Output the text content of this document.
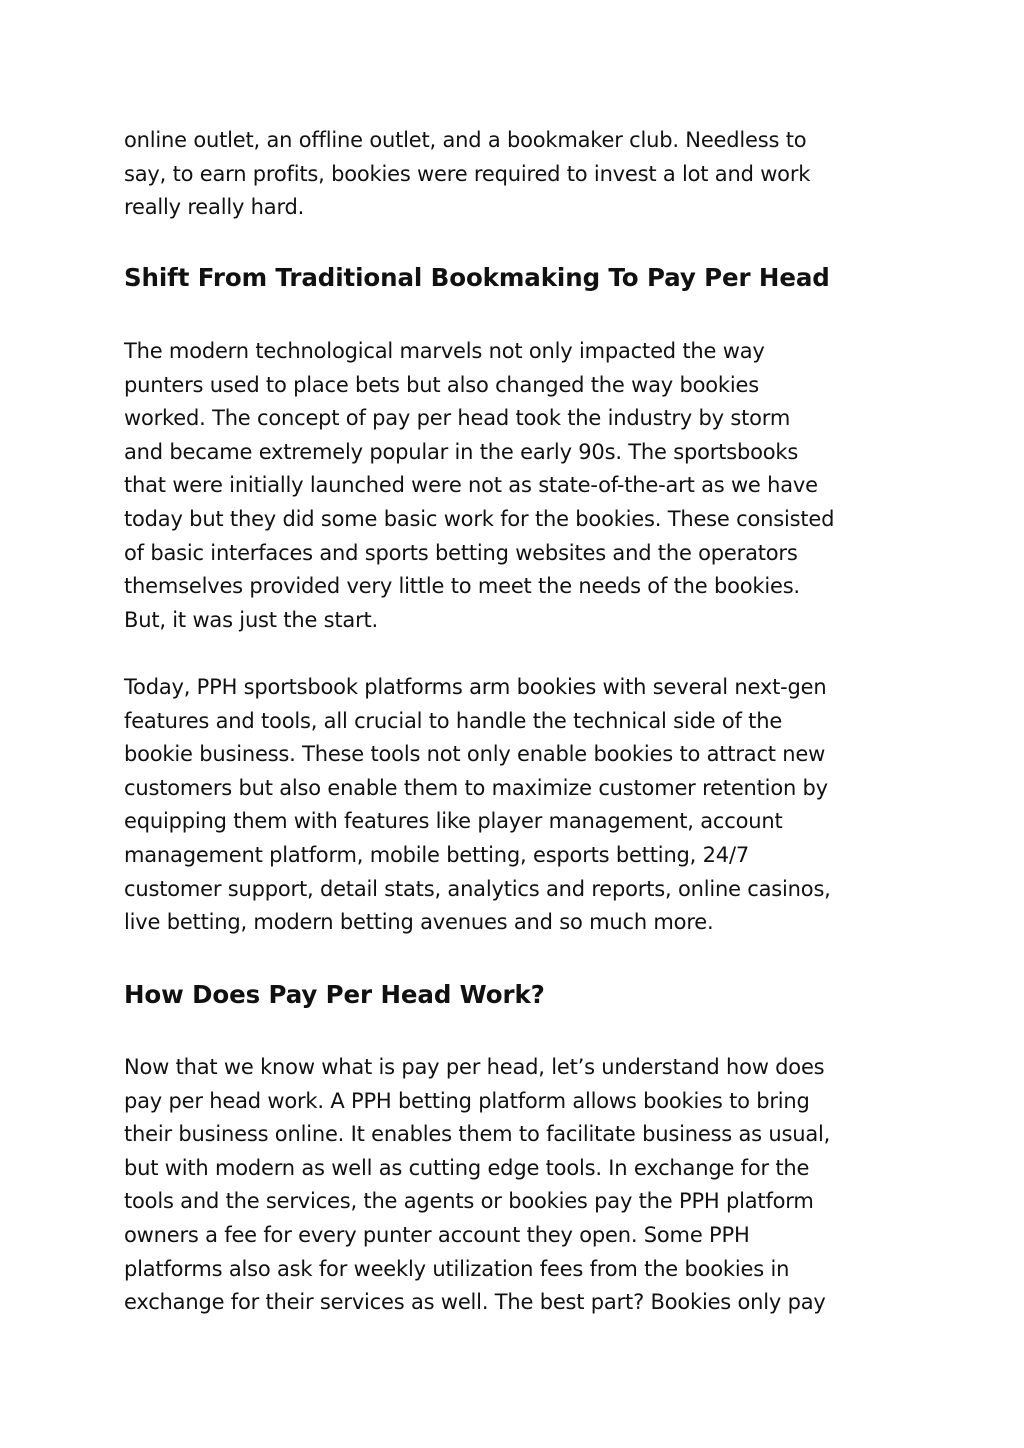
online outlet, an offline outlet, and a bookmaker club. Needless to
say, to earn profits, bookies were required to invest a lot and work
really really hard.

Shift From Traditional Bookmaking To Pay Per Head

The modern technological marvels not only impacted the way
punters used to place bets but also changed the way bookies
worked. The concept of pay per head took the industry by storm
and became extremely popular in the early 90s. The sportsbooks
that were initially launched were not as state-of-the-art as we have
today but they did some basic work for the bookies. These consisted
of basic interfaces and sports betting websites and the operators
themselves provided very little to meet the needs of the bookies.
But, it was just the start.

Today, PPH sportsbook platforms arm bookies with several next-gen
features and tools, all crucial to handle the technical side of the
bookie business. These tools not only enable bookies to attract new
customers but also enable them to maximize customer retention by
equipping them with features like player management, account
management platform, mobile betting, esports betting, 24/7
customer support, detail stats, analytics and reports, online casinos,
live betting, modern betting avenues and so much more.

How Does Pay Per Head Work?

Now that we know what is pay per head, let’s understand how does
pay per head work. A PPH betting platform allows bookies to bring
their business online. It enables them to facilitate business as usual,
but with modern as well as cutting edge tools. In exchange for the
tools and the services, the agents or bookies pay the PPH platform
owners a fee for every punter account they open. Some PPH
platforms also ask for weekly utilization fees from the bookies in
exchange for their services as well. The best part? Bookies only pay
